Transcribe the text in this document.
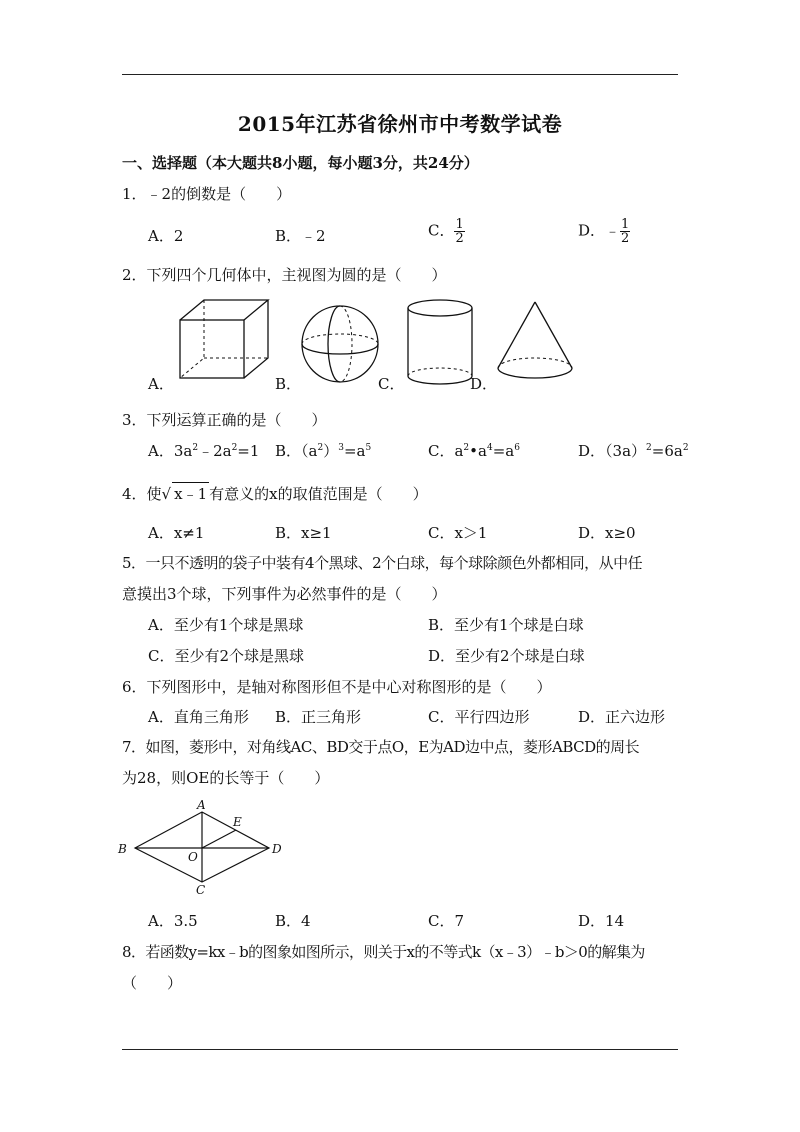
2015年江苏省徐州市中考数学试卷
一、选择题（本大题共8小题，每小题3分，共24分）
1．﹣2的倒数是（　　）
A．2	B．﹣2	C． $\frac{1}{2}$	D．﹣ $\frac{1}{2}$
2．下列四个几何体中，主视图为圆的是（　　）
A．	B．	C．	D．
3．下列运算正确的是（　　）
A．$3a^2﹣2a^2=1$ B．$(a^2)^3=a^5$	C．$a^2•a^4=a^6$	D．$(3a)^2=6a^2$
4．使√ x﹣1 有意义的x的取值范围是（　　）
A．x≠1	B．x≥1	C．x＞1	D．x≥0
5．一只不透明的袋子中装有4个黑球、2个白球，每个球除颜色外都相同，从中任
意摸出3个球，下列事件为必然事件的是（　　）
A．至少有1个球是黑球	B．至少有1个球是白球
C．至少有2个球是黑球	D．至少有2个球是白球
6．下列图形中，是轴对称图形但不是中心对称图形的是（　　）
A．直角三角形 B．正三角形	C．平行四边形	D．正六边形
7．如图，菱形中，对角线AC、BD交于点O，E为AD边中点，菱形ABCD的周长
为28，则OE的长等于（　　）
A
B
C
D
E
O
A．3.5	B．4	C．7	D．14
8．若函数y=kx﹣b的图象如图所示，则关于x的不等式k（x﹣3）﹣b＞0的解集为
（　　）
